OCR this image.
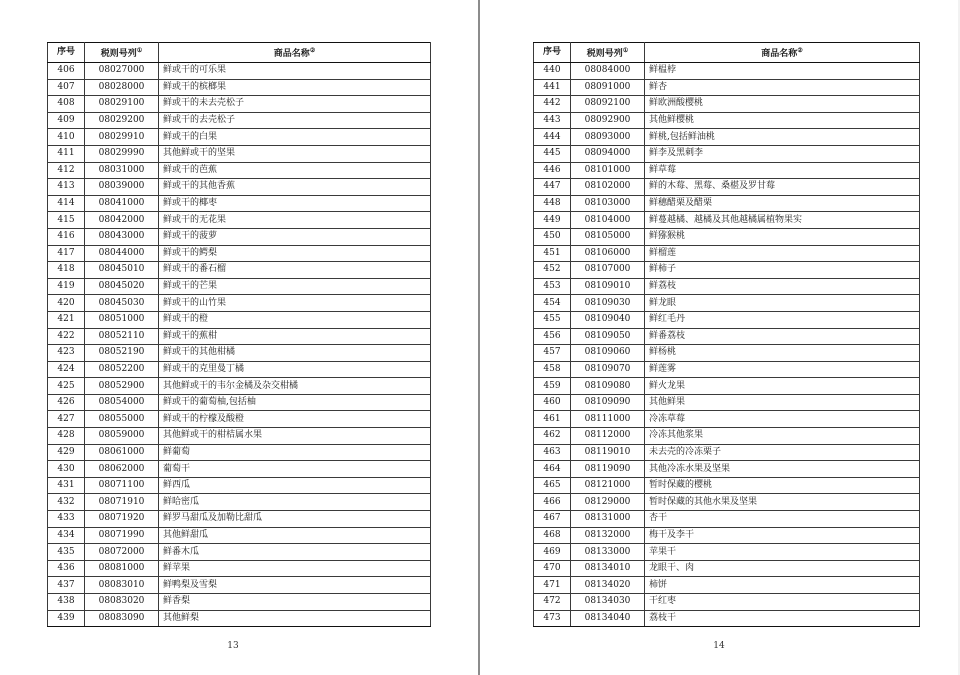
序号	税则号列①	商品名称②
406	08027000	鲜或干的可乐果
407	08028000	鲜或干的槟榔果
408	08029100	鲜或干的未去壳松子
409	08029200	鲜或干的去壳松子
410	08029910	鲜或干的白果
411	08029990	其他鲜或干的坚果
412	08031000	鲜或干的芭蕉
413	08039000	鲜或干的其他香蕉
414	08041000	鲜或干的椰枣
415	08042000	鲜或干的无花果
416	08043000	鲜或干的菠萝
417	08044000	鲜或干的鳄梨
418	08045010	鲜或干的番石榴
419	08045020	鲜或干的芒果
420	08045030	鲜或干的山竹果
421	08051000	鲜或干的橙
422	08052110	鲜或干的蕉柑
423	08052190	鲜或干的其他柑橘
424	08052200	鲜或干的克里曼丁橘
425	08052900	其他鲜或干的韦尔金橘及杂交柑橘
426	08054000	鲜或干的葡萄柚,包括柚
427	08055000	鲜或干的柠檬及酸橙
428	08059000	其他鲜或干的柑桔属水果
429	08061000	鲜葡萄
430	08062000	葡萄干
431	08071100	鲜西瓜
432	08071910	鲜哈密瓜
433	08071920	鲜罗马甜瓜及加勒比甜瓜
434	08071990	其他鲜甜瓜
435	08072000	鲜番木瓜
436	08081000	鲜苹果
437	08083010	鲜鸭梨及雪梨
438	08083020	鲜香梨
439	08083090	其他鲜梨
13
序号	税则号列①	商品名称②
440	08084000	鲜榅桲
441	08091000	鲜杏
442	08092100	鲜欧洲酸樱桃
443	08092900	其他鲜樱桃
444	08093000	鲜桃,包括鲜油桃
445	08094000	鲜李及黑刺李
446	08101000	鲜草莓
447	08102000	鲜的木莓、黑莓、桑椹及罗甘莓
448	08103000	鲜穗醋栗及醋栗
449	08104000	鲜蔓越橘、越橘及其他越橘属植物果实
450	08105000	鲜猕猴桃
451	08106000	鲜榴莲
452	08107000	鲜柿子
453	08109010	鲜荔枝
454	08109030	鲜龙眼
455	08109040	鲜红毛丹
456	08109050	鲜番荔枝
457	08109060	鲜杨桃
458	08109070	鲜莲雾
459	08109080	鲜火龙果
460	08109090	其他鲜果
461	08111000	冷冻草莓
462	08112000	冷冻其他浆果
463	08119010	未去壳的冷冻栗子
464	08119090	其他冷冻水果及坚果
465	08121000	暂时保藏的樱桃
466	08129000	暂时保藏的其他水果及坚果
467	08131000	杏干
468	08132000	梅干及李干
469	08133000	苹果干
470	08134010	龙眼干、肉
471	08134020	柿饼
472	08134030	干红枣
473	08134040	荔枝干
14
